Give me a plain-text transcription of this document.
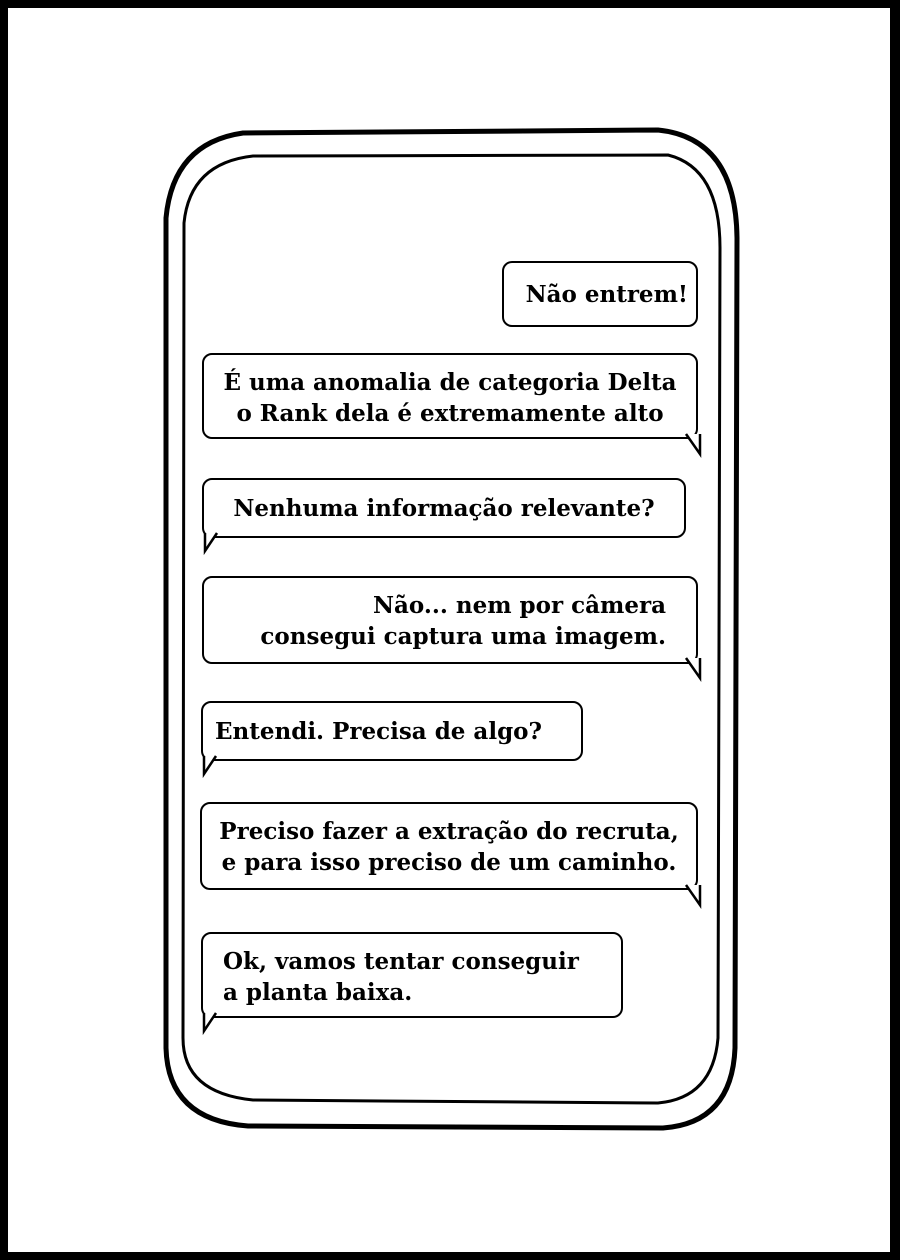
Não entrem!
É uma anomalia de categoria Delta
o Rank dela é extremamente alto
Nenhuma informação relevante?
Não... nem por câmera
consegui captura uma imagem.
Entendi. Precisa de algo?
Preciso fazer a extração do recruta,
e para isso preciso de um caminho.
Ok, vamos tentar conseguir
a planta baixa.
